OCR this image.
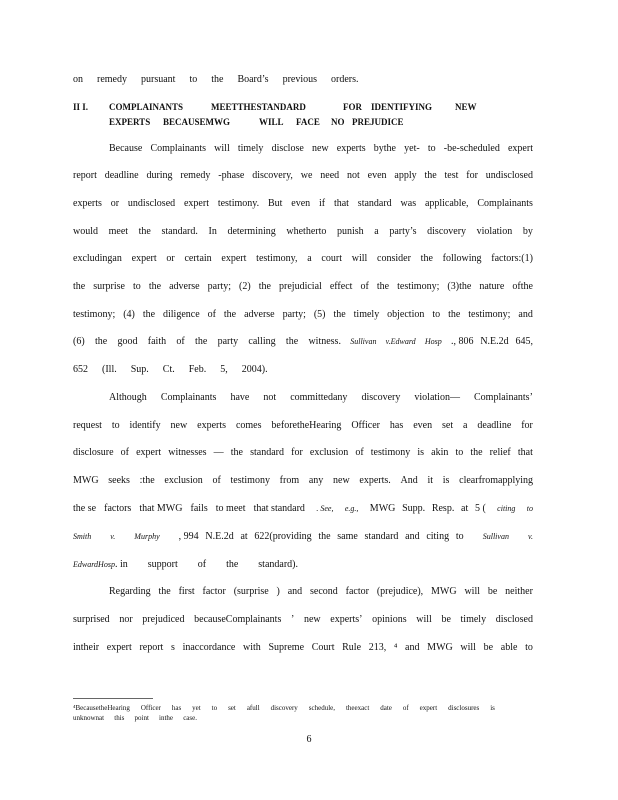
on remedy pursuant to the Board’s previous orders.
II I. COMPLAINANTS	MEETTHESTANDARD	FOR IDENTIFYING	NEW
EXPERTS BECAUSEMWG	WILL FACE NO PREJUDICE
Because Complainants will timely disclose new experts bythe yet- to -be-scheduled expert
report deadline during remedy -phase discovery, we need not even apply the test for undisclosed
experts or undisclosed expert testimony. But even if that standard was applicable, Complainants
would meet the standard. In determining whetherto punish a party’s discovery violation by
excludingan expert or certain expert testimony, a court will consider the following factors:(1)
the surprise to the adverse party; (2) the prejudicial effect of the testimony; (3)the nature ofthe
testimony; (4) the diligence of the adverse party; (5) the timely objection to the testimony; and
(6) the good faith of the party calling the witness. Sullivan v.Edward Hosp ., 806 N.E.2d 645,
652 (Ill. Sup. Ct. Feb. 5, 2004).
Although Complainants have not committedany discovery violation— Complainants’
request to identify new experts comes beforetheHearing Officer has even set a deadline for
disclosure of expert witnesses — the standard for exclusion of testimony is akin to the relief that
MWG seeks :the exclusion of testimony from any new experts. And it is clearfromapplying
the se factors that MWG fails to meet that standard . See, e.g., MWG Supp. Resp. at 5 ( citing to
Smith v. Murphy , 994 N.E.2d at 622(providing the same standard and citing to Sullivan v.
Edward Hosp . in support of the standard).
Regarding the first factor (surprise ) and second factor (prejudice), MWG will be neither
surprised nor prejudiced becauseComplainants ’ new experts’ opinions will be timely disclosed
intheir expert report s inaccordance with Supreme Court Rule 213, ⁴ and MWG will be able to
⁴BecausetheHearing Officer has yet to set afull discovery schedule, theexact date of expert disclosures is
unknownat this point inthe case.
6
